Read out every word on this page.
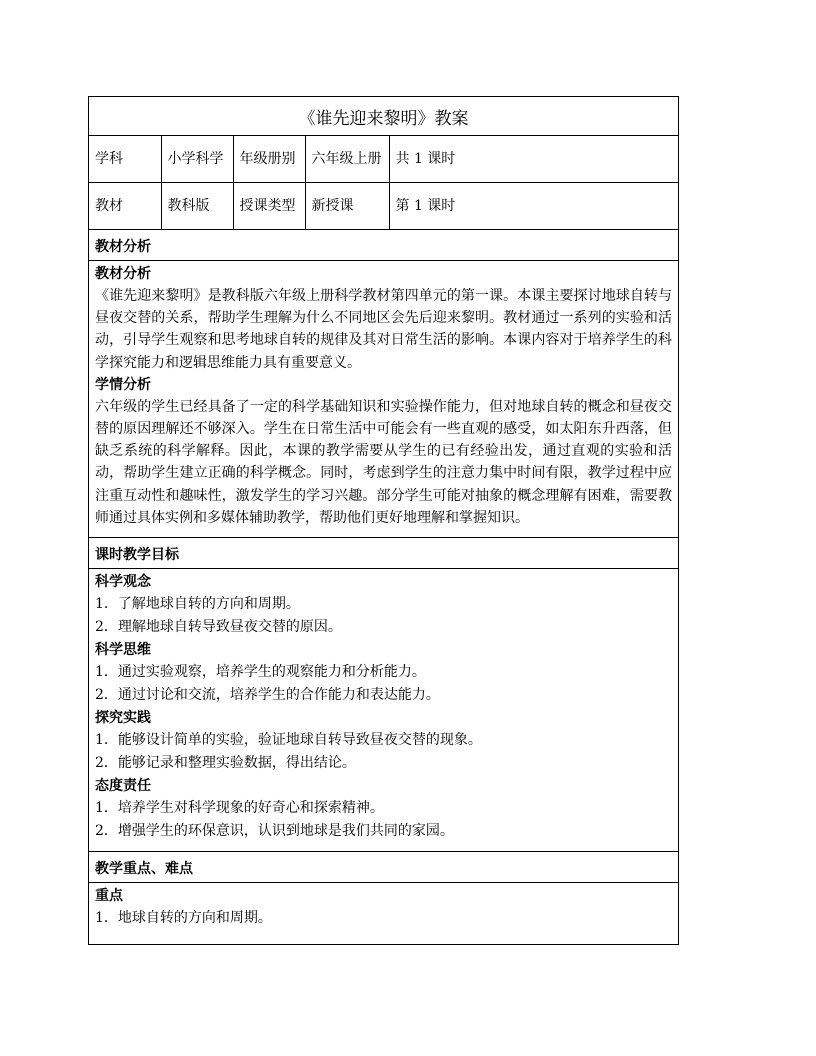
《谁先迎来黎明》教案
学科	小学科学	年级册别	六年级上册	共 1 课时
教材	教科版	授课类型	新授课	第 1 课时
教材分析
教材分析
《谁先迎来黎明》是教科版六年级上册科学教材第四单元的第一课。本课主要探讨地球自转与昼夜交替的关系，帮助学生理解为什么不同地区会先后迎来黎明。教材通过一系列的实验和活动，引导学生观察和思考地球自转的规律及其对日常生活的影响。本课内容对于培养学生的科学探究能力和逻辑思维能力具有重要意义。
学情分析
六年级的学生已经具备了一定的科学基础知识和实验操作能力，但对地球自转的概念和昼夜交替的原因理解还不够深入。学生在日常生活中可能会有一些直观的感受，如太阳东升西落，但缺乏系统的科学解释。因此，本课的教学需要从学生的已有经验出发，通过直观的实验和活动，帮助学生建立正确的科学概念。同时，考虑到学生的注意力集中时间有限，教学过程中应注重互动性和趣味性，激发学生的学习兴趣。部分学生可能对抽象的概念理解有困难，需要教师通过具体实例和多媒体辅助教学，帮助他们更好地理解和掌握知识。
课时教学目标
科学观念
1．了解地球自转的方向和周期。
2．理解地球自转导致昼夜交替的原因。
科学思维
1．通过实验观察，培养学生的观察能力和分析能力。
2．通过讨论和交流，培养学生的合作能力和表达能力。
探究实践
1．能够设计简单的实验，验证地球自转导致昼夜交替的现象。
2．能够记录和整理实验数据，得出结论。
态度责任
1．培养学生对科学现象的好奇心和探索精神。
2．增强学生的环保意识，认识到地球是我们共同的家园。
教学重点、难点
重点
1．地球自转的方向和周期。
